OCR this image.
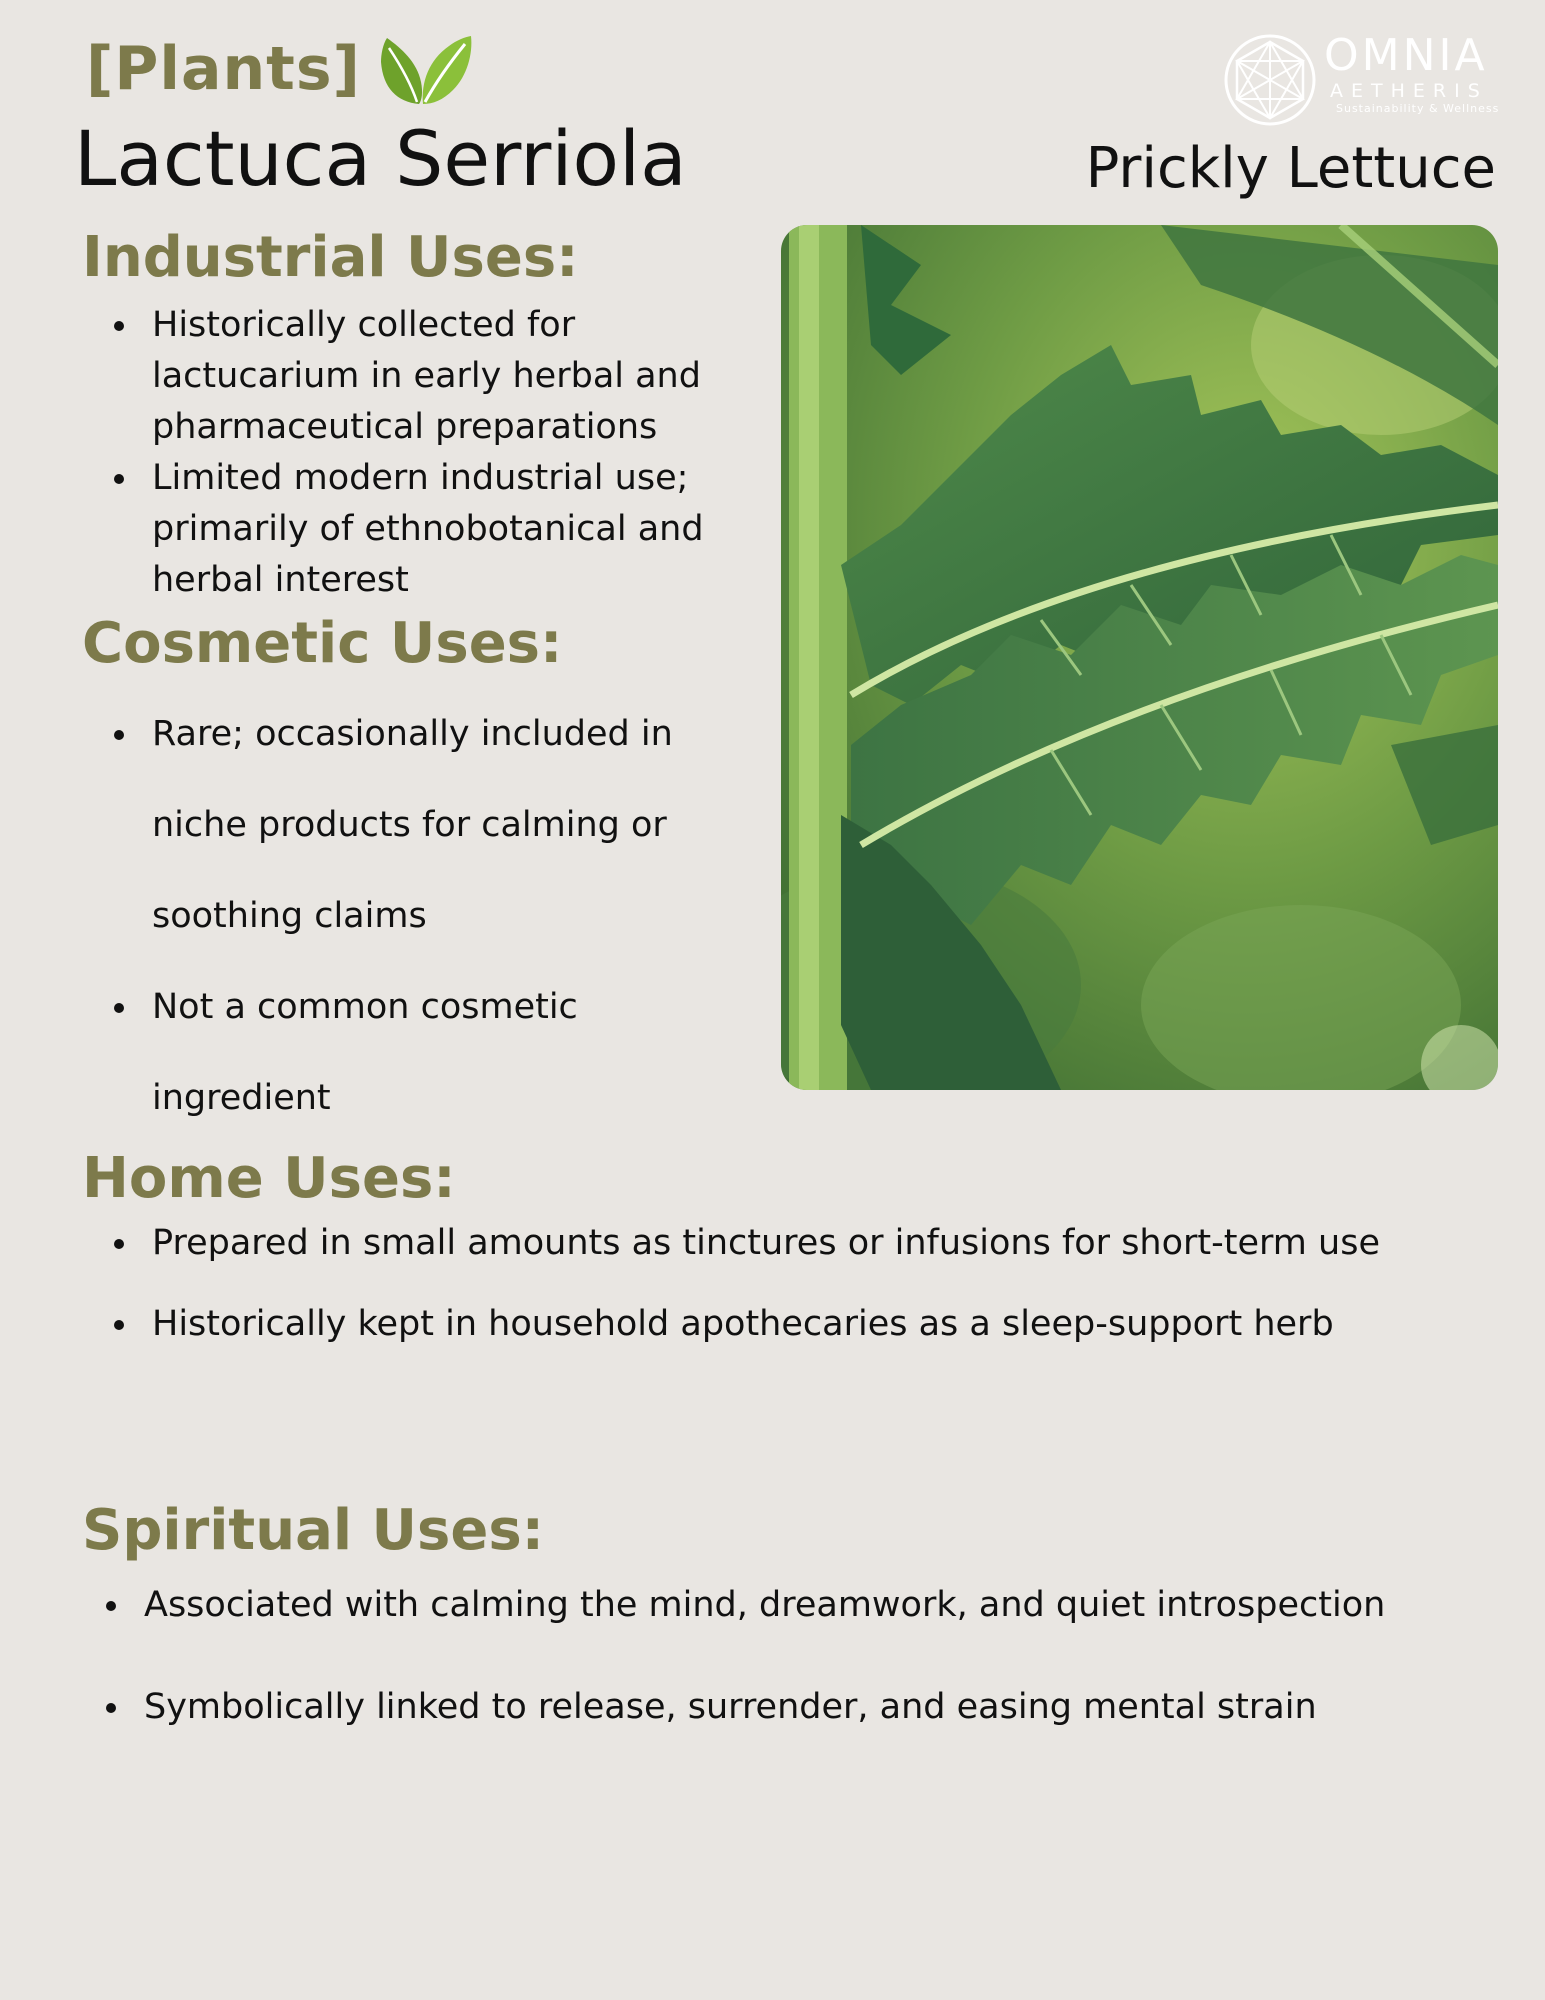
[Plants]	OMNIA
AETHERIS
Sustainability & Wellness
Lactuca Serriola	Prickly Lettuce
Industrial Uses:
Historically collected for lactucarium in early herbal and pharmaceutical preparations
Limited modern industrial use; primarily of ethnobotanical and herbal interest
Cosmetic Uses:
Rare; occasionally included in niche products for calming or soothing claims
Not a common cosmetic ingredient
Home Uses:
Prepared in small amounts as tinctures or infusions for short-term use
Historically kept in household apothecaries as a sleep-support herb
Spiritual Uses:
Associated with calming the mind, dreamwork, and quiet introspection
Symbolically linked to release, surrender, and easing mental strain
